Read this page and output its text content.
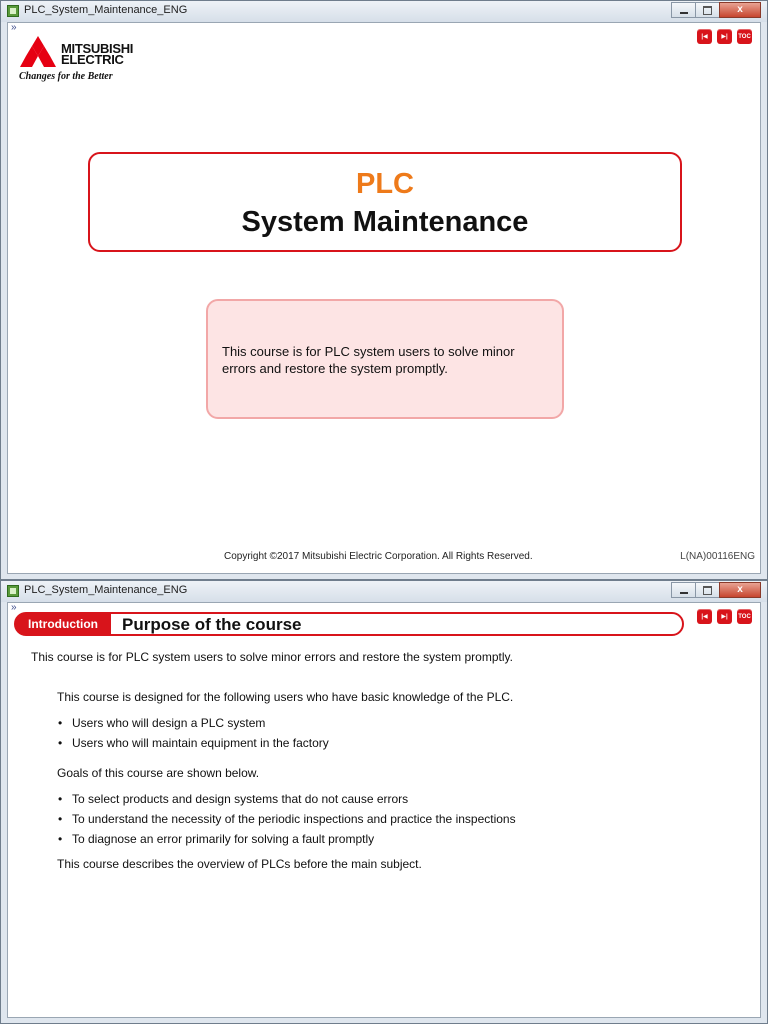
PLC_System_Maintenance_ENG	x
»
MITSUBISHI
ELECTRIC
Changes for the Better
|◀ ▶| TOC
PLC
System Maintenance
This course is for PLC system users to solve minor errors and restore the system promptly.
Copyright ©2017 Mitsubishi Electric Corporation. All Rights Reserved.	L(NA)00116ENG
PLC_System_Maintenance_ENG	x
»
Introduction	Purpose of the course	|◀ ▶| TOC
This course is for PLC system users to solve minor errors and restore the system promptly.
This course is designed for the following users who have basic knowledge of the PLC.
• Users who will design a PLC system
• Users who will maintain equipment in the factory
Goals of this course are shown below.
• To select products and design systems that do not cause errors
• To understand the necessity of the periodic inspections and practice the inspections
• To diagnose an error primarily for solving a fault promptly
This course describes the overview of PLCs before the main subject.
